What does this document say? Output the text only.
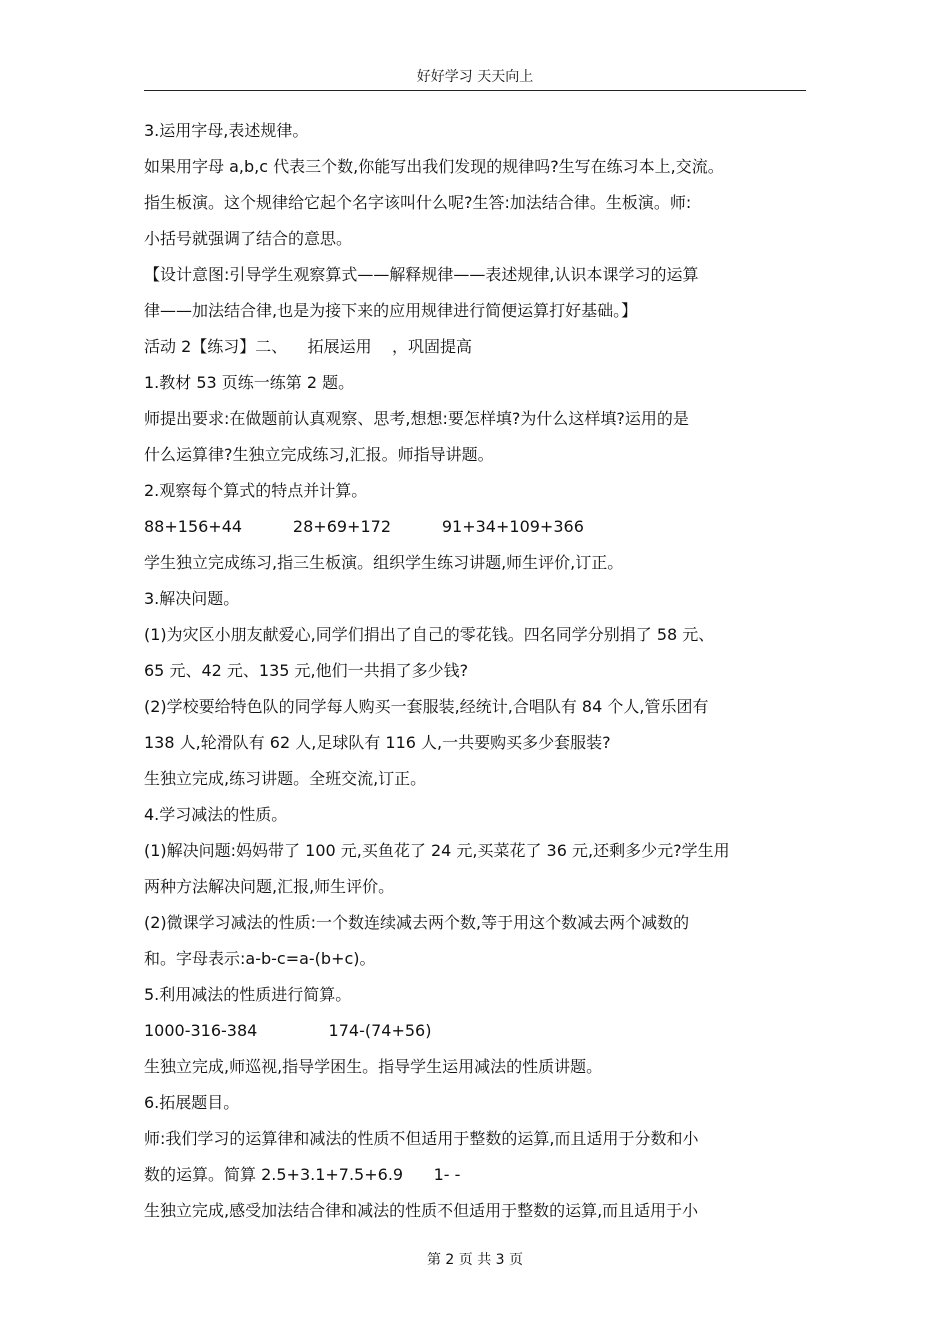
好好学习 天天向上
3.运用字母,表述规律。
如果用字母 a,b,c 代表三个数,你能写出我们发现的规律吗?生写在练习本上,交流。
指生板演。这个规律给它起个名字该叫什么呢?生答:加法结合律。生板演。师:
小括号就强调了结合的意思。
【设计意图:引导学生观察算式——解释规律——表述规律,认识本课学习的运算
律——加法结合律,也是为接下来的应用规律进行简便运算打好基础。】
活动 2【练习】二、    拓展运用    ，巩固提高
1.教材 53 页练一练第 2 题。
师提出要求:在做题前认真观察、思考,想想:要怎样填?为什么这样填?运用的是
什么运算律?生独立完成练习,汇报。师指导讲题。
2.观察每个算式的特点并计算。
88+156+44          28+69+172          91+34+109+366
学生独立完成练习,指三生板演。组织学生练习讲题,师生评价,订正。
3.解决问题。
(1)为灾区小朋友献爱心,同学们捐出了自己的零花钱。四名同学分别捐了 58 元、
65 元、42 元、135 元,他们一共捐了多少钱?
(2)学校要给特色队的同学每人购买一套服装,经统计,合唱队有 84 个人,管乐团有
138 人,轮滑队有 62 人,足球队有 116 人,一共要购买多少套服装?
生独立完成,练习讲题。全班交流,订正。
4.学习减法的性质。
(1)解决问题:妈妈带了 100 元,买鱼花了 24 元,买菜花了 36 元,还剩多少元?学生用
两种方法解决问题,汇报,师生评价。
(2)微课学习减法的性质:一个数连续减去两个数,等于用这个数减去两个减数的
和。字母表示:a-b-c=a-(b+c)。
5.利用减法的性质进行简算。
1000-316-384              174-(74+56)
生独立完成,师巡视,指导学困生。指导学生运用减法的性质讲题。
6.拓展题目。
师:我们学习的运算律和减法的性质不但适用于整数的运算,而且适用于分数和小
数的运算。简算 2.5+3.1+7.5+6.9      1- -
生独立完成,感受加法结合律和减法的性质不但适用于整数的运算,而且适用于小
第 2 页 共 3 页
